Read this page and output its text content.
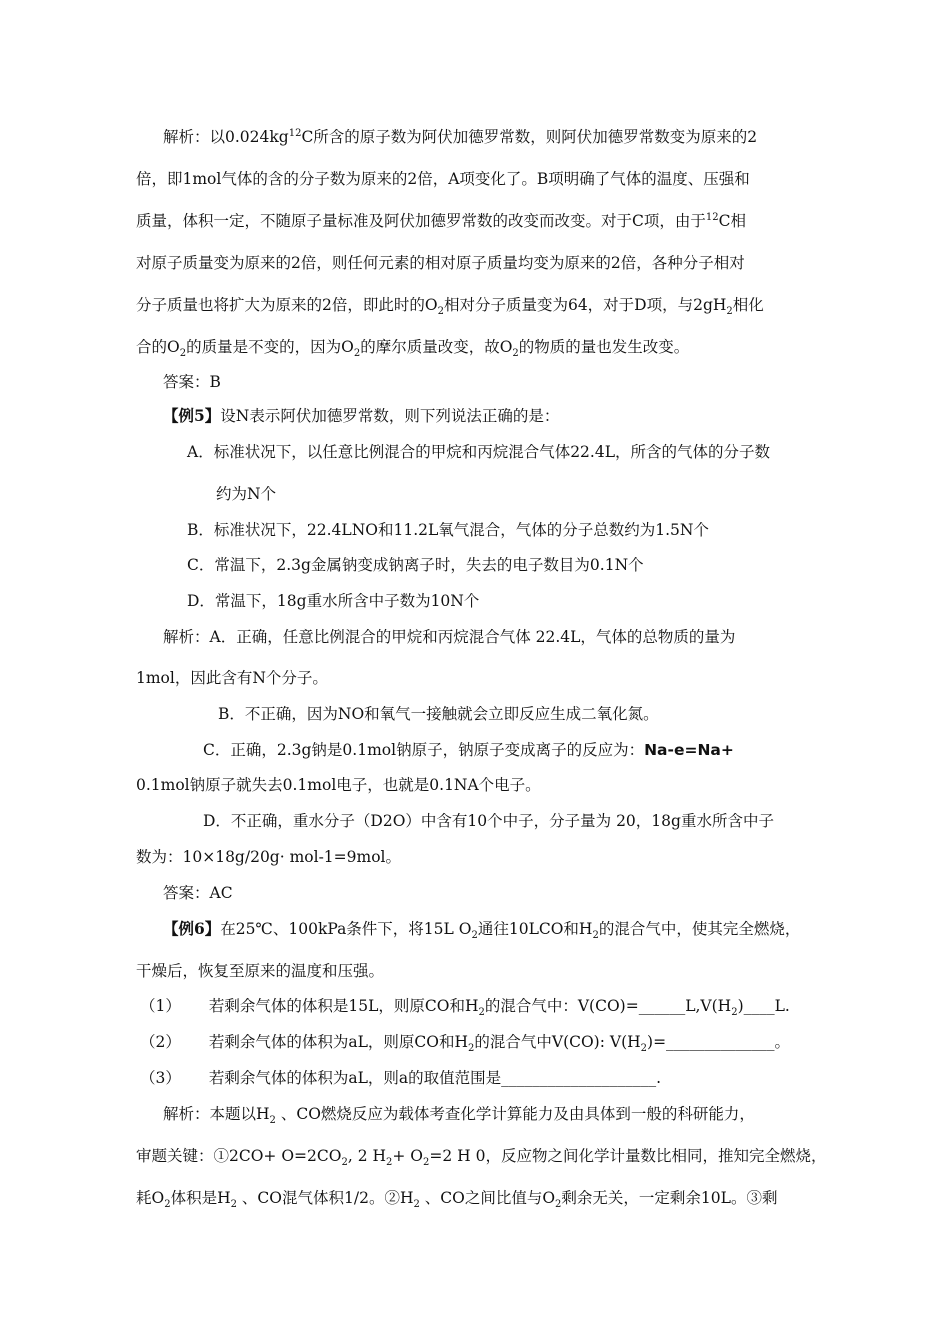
解析：以$0.024kg^{12}C$所含的原子数为阿伏加德罗常数，则阿伏加德罗常数变为原来的2
倍，即1mol气体的含的分子数为原来的2倍，A项变化了。B项明确了气体的温度、压强和
质量，体积一定，不随原子量标准及阿伏加德罗常数的改变而改变。对于C项，由于$^{12}$C相
对原子质量变为原来的2倍，则任何元素的相对原子质量均变为原来的2倍，各种分子相对
分子质量也将扩大为原来的2倍，即此时的$O_2$相对分子质量变为64，对于D项，与$2gH_2$相化
合的$O_2$的质量是不变的，因为$O_2$的摩尔质量改变，故$O_2$的物质的量也发生改变。
答案：B
【例5】设N表示阿伏加德罗常数，则下列说法正确的是：
A．标准状况下，以任意比例混合的甲烷和丙烷混合气体22.4L，所含的气体的分子数
约为N个
B．标准状况下，22.4LNO和11.2L氧气混合，气体的分子总数约为1.5N个
C．常温下，2.3g金属钠变成钠离子时，失去的电子数目为0.1N个
D．常温下，18g重水所含中子数为10N个
解析：A．正确，任意比例混合的甲烷和丙烷混合气体 22.4L，气体的总物质的量为
1mol，因此含有N个分子。
B．不正确，因为NO和氧气一接触就会立即反应生成二氧化氮。
C．正确，2.3g钠是0.1mol钠原子，钠原子变成离子的反应为：Na-e=Na+
0.1mol钠原子就失去0.1mol电子，也就是0.1NA个电子。
D．不正确，重水分子（D2O）中含有10个中子，分子量为 20，18g重水所含中子
数为：10×18g/20g· mol-1=9mol。
答案：AC
【例6】在25℃、100kPa条件下，将15L $O_2$通往10LCO和$H_2$的混合气中，使其完全燃烧，
干燥后，恢复至原来的温度和压强。
（1） 若剩余气体的体积是15L，则原CO和$H_2$的混合气中：$V(CO)=\_\_\_\_\_\_L,V(H_2)\_\_\_\_L$.
（2） 若剩余气体的体积为aL，则原CO和$H_2$的混合气中V(CO): $V(H_2)=\_\_\_\_\_\_\_\_\_\_\_\_\_\_$。
（3） 若剩余气体的体积为aL，则a的取值范围是____________________.
解析：本题以$H_2$ 、CO燃烧反应为载体考查化学计算能力及由具体到一般的科研能力，
审题关键：①2CO+ $O=2CO_2$, 2 $H_2+ O_2=2$ H 0，反应物之间化学计量数比相同，推知完全燃烧，
耗$O_2$体积是$H_2$ 、CO混气体积1/2。$②H_2$ 、CO之间比值与$O_2$剩余无关，一定剩余10L。③剩
